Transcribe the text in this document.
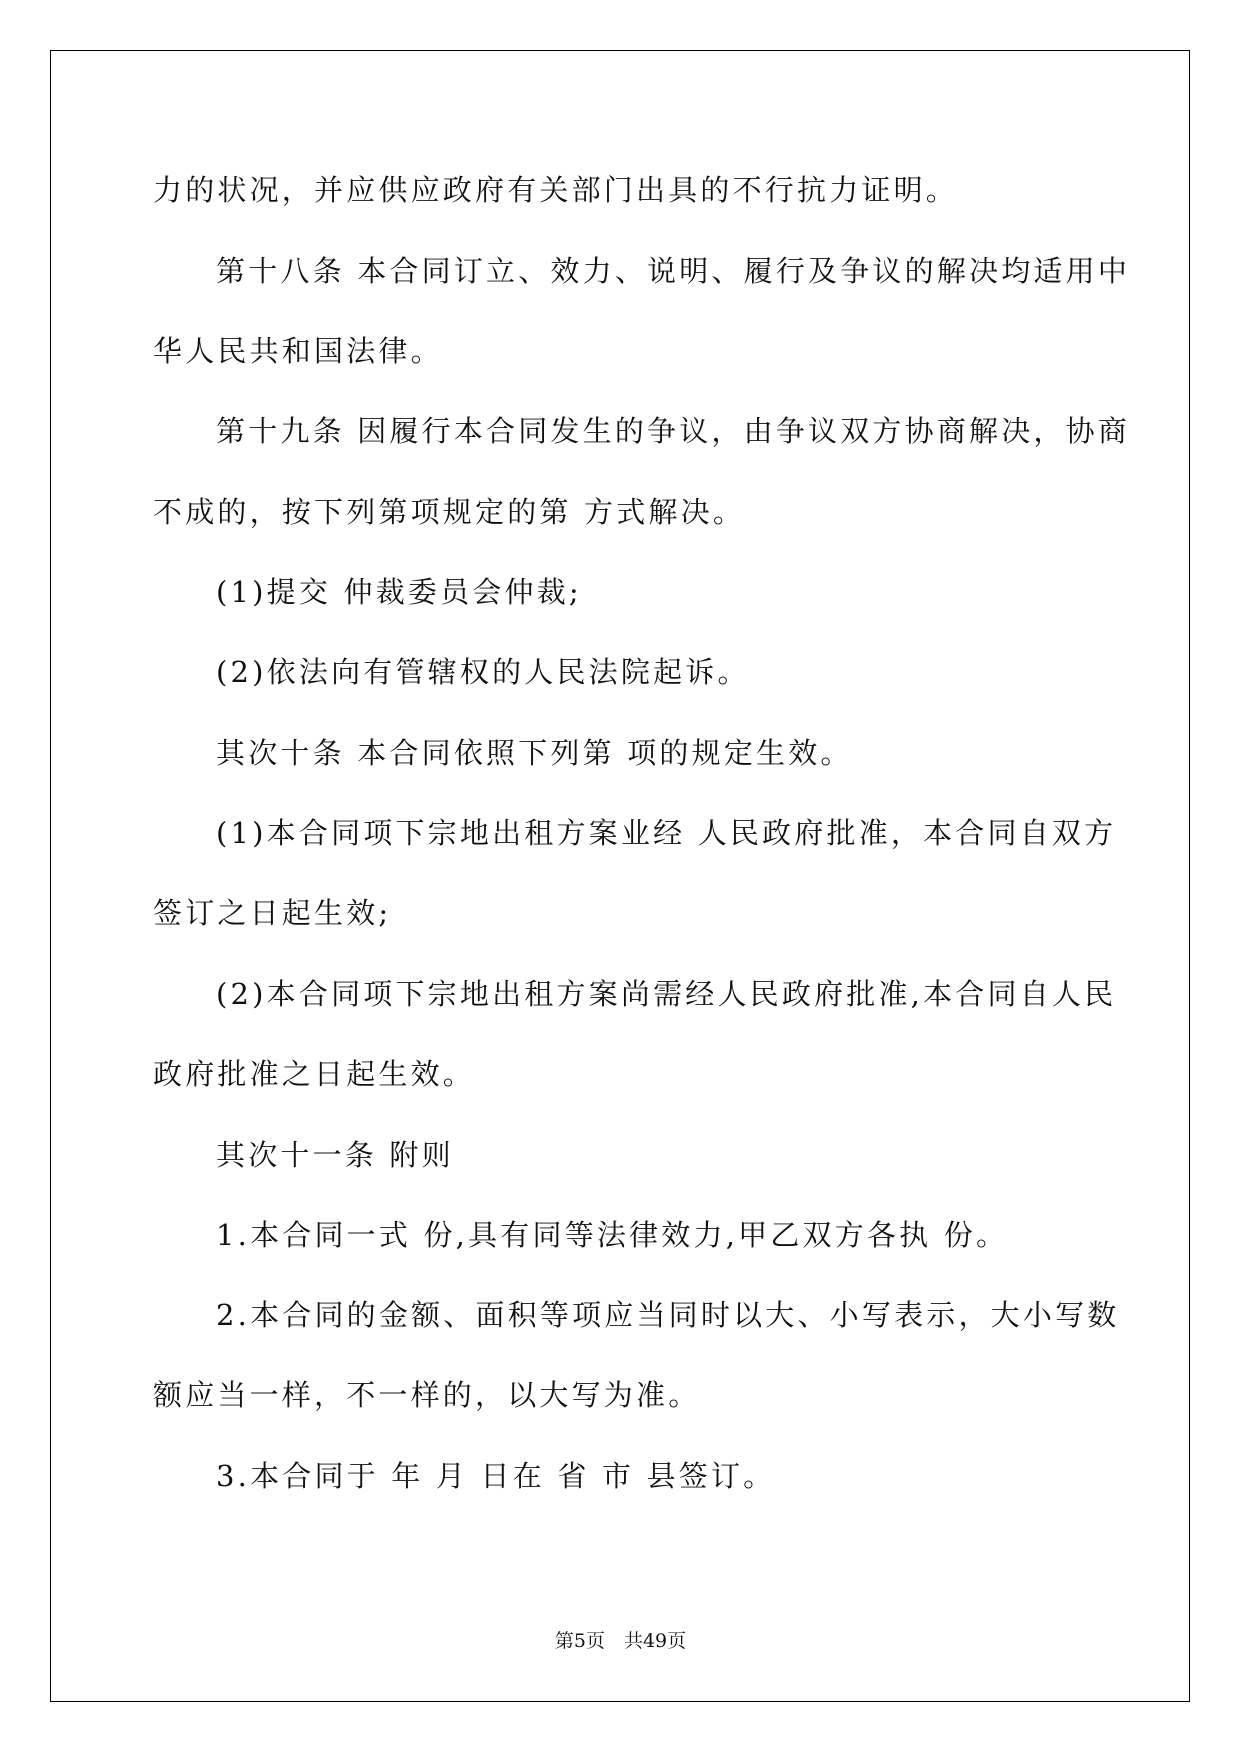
力的状况，并应供应政府有关部门出具的不行抗力证明。

第十八条 本合同订立、效力、说明、履行及争议的解决均适用中

华人民共和国法律。

第十九条 因履行本合同发生的争议，由争议双方协商解决，协商

不成的，按下列第项规定的第 方式解决。

(1)提交 仲裁委员会仲裁;

(2)依法向有管辖权的人民法院起诉。

其次十条 本合同依照下列第 项的规定生效。

(1)本合同项下宗地出租方案业经 人民政府批准，本合同自双方

签订之日起生效;

(2)本合同项下宗地出租方案尚需经人民政府批准,本合同自人民

政府批准之日起生效。

其次十一条 附则

1.本合同一式 份,具有同等法律效力,甲乙双方各执 份。

2.本合同的金额、面积等项应当同时以大、小写表示，大小写数

额应当一样，不一样的，以大写为准。

3.本合同于 年 月 日在 省 市 县签订。

第5页　共49页
